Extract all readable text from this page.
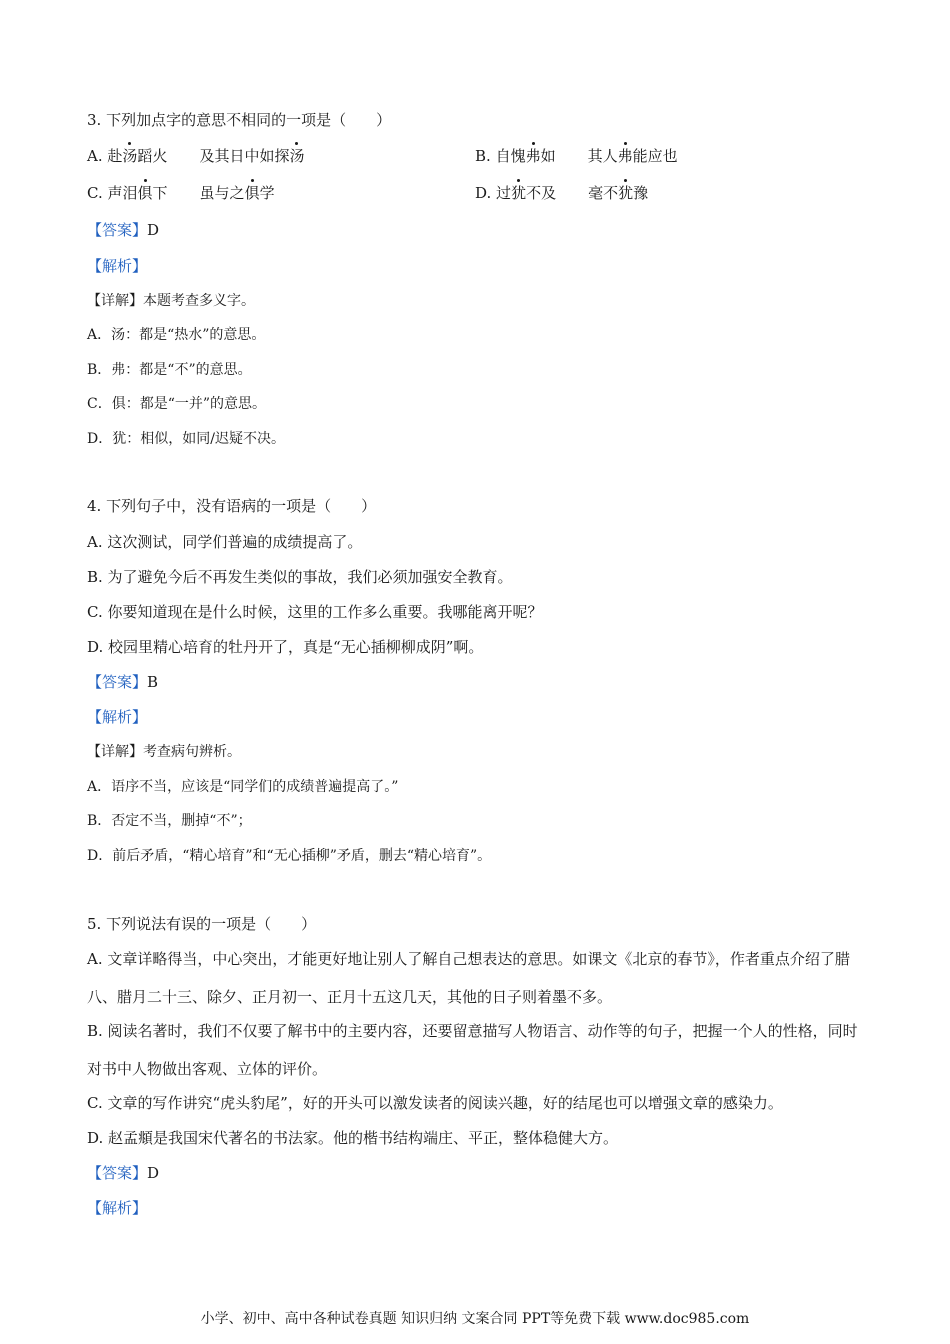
3. 下列加点字的意思不相同的一项是（　　）
A. 赴汤蹈火 及其日中如探汤	B. 自愧弗如 其人弗能应也
C. 声泪俱下 虽与之俱学	D. 过犹不及 毫不犹豫
【答案】D
【解析】
【详解】本题考查多义字。
A．汤：都是“热水”的意思。
B．弗：都是“不”的意思。
C．俱：都是“一并”的意思。
D．犹：相似，如同/迟疑不决。
4. 下列句子中，没有语病的一项是（　　）
A. 这次测试，同学们普遍的成绩提高了。
B. 为了避免今后不再发生类似的事故，我们必须加强安全教育。
C. 你要知道现在是什么时候，这里的工作多么重要。我哪能离开呢？
D. 校园里精心培育的牡丹开了，真是“无心插柳柳成阴”啊。
【答案】B
【解析】
【详解】考查病句辨析。
A．语序不当，应该是“同学们的成绩普遍提高了。”
B．否定不当，删掉“不”；
D．前后矛盾，“精心培育”和“无心插柳”矛盾，删去“精心培育”。
5. 下列说法有误的一项是（　　）
A. 文章详略得当，中心突出，才能更好地让别人了解自己想表达的意思。如课文《北京的春节》，作者重点介绍了腊八、腊月二十三、除夕、正月初一、正月十五这几天，其他的日子则着墨不多。
B. 阅读名著时，我们不仅要了解书中的主要内容，还要留意描写人物语言、动作等的句子，把握一个人的性格，同时对书中人物做出客观、立体的评价。
C. 文章的写作讲究“虎头豹尾”，好的开头可以激发读者的阅读兴趣，好的结尾也可以增强文章的感染力。
D. 赵孟頫是我国宋代著名的书法家。他的楷书结构端庄、平正，整体稳健大方。
【答案】D
【解析】
小学、初中、高中各种试卷真题 知识归纳 文案合同 PPT等免费下载 www.doc985.com
